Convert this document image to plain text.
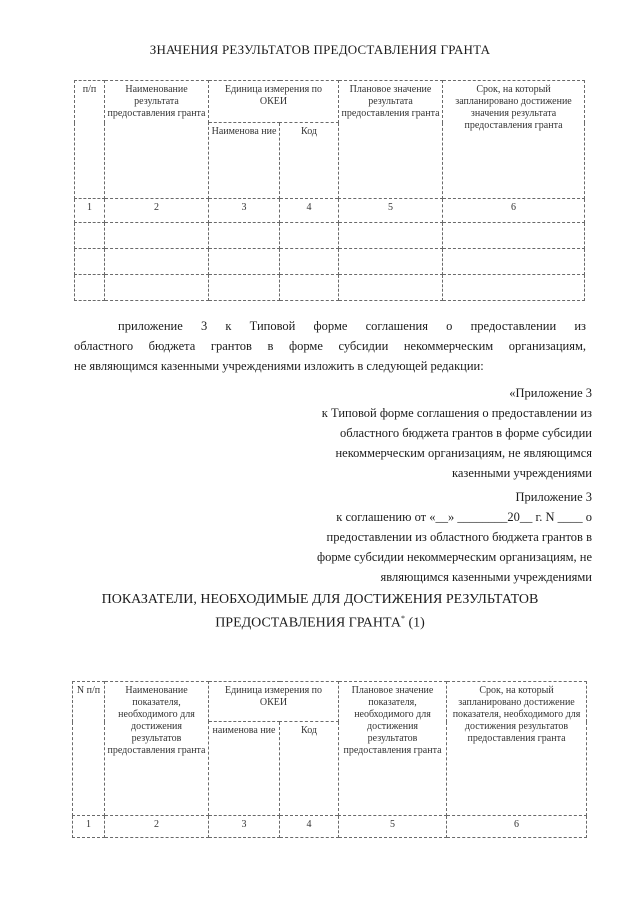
ЗНАЧЕНИЯ РЕЗУЛЬТАТОВ ПРЕДОСТАВЛЕНИЯ ГРАНТА
п/п	Наименование результата предоставления гранта	Единица измерения по ОКЕИ		Плановое значение результата предоставления гранта	Срок, на который запланировано достижение значения результата предоставления гранта
		Наименова ние	Код		
1	2	3	4	5	6

приложение 3 к Типовой форме соглашения о предоставлении из
областного бюджета грантов в форме субсидии некоммерческим организациям,
не являющимся казенными учреждениями изложить в следующей редакции:
«Приложение 3
к Типовой форме соглашения о предоставлении из
областного бюджета грантов в форме субсидии
некоммерческим организациям, не являющимся
казенными учреждениями
Приложение 3
к соглашению от «__» ________20__ г. N ____ о
предоставлении из областного бюджета грантов в
форме субсидии некоммерческим организациям, не
являющимся казенными учреждениями
ПОКАЗАТЕЛИ, НЕОБХОДИМЫЕ ДЛЯ ДОСТИЖЕНИЯ РЕЗУЛЬТАТОВ
ПРЕДОСТАВЛЕНИЯ ГРАНТА* (1)
N п/п	Наименование показателя, необходимого для достижения результатов предоставления гранта	Единица измерения по ОКЕИ		Плановое значение показателя, необходимого для достижения результатов предоставления гранта	Срок, на который запланировано достижение показателя, необходимого для достижения результатов предоставления гранта
		наименова ние	Код		
1	2	3	4	5	6
